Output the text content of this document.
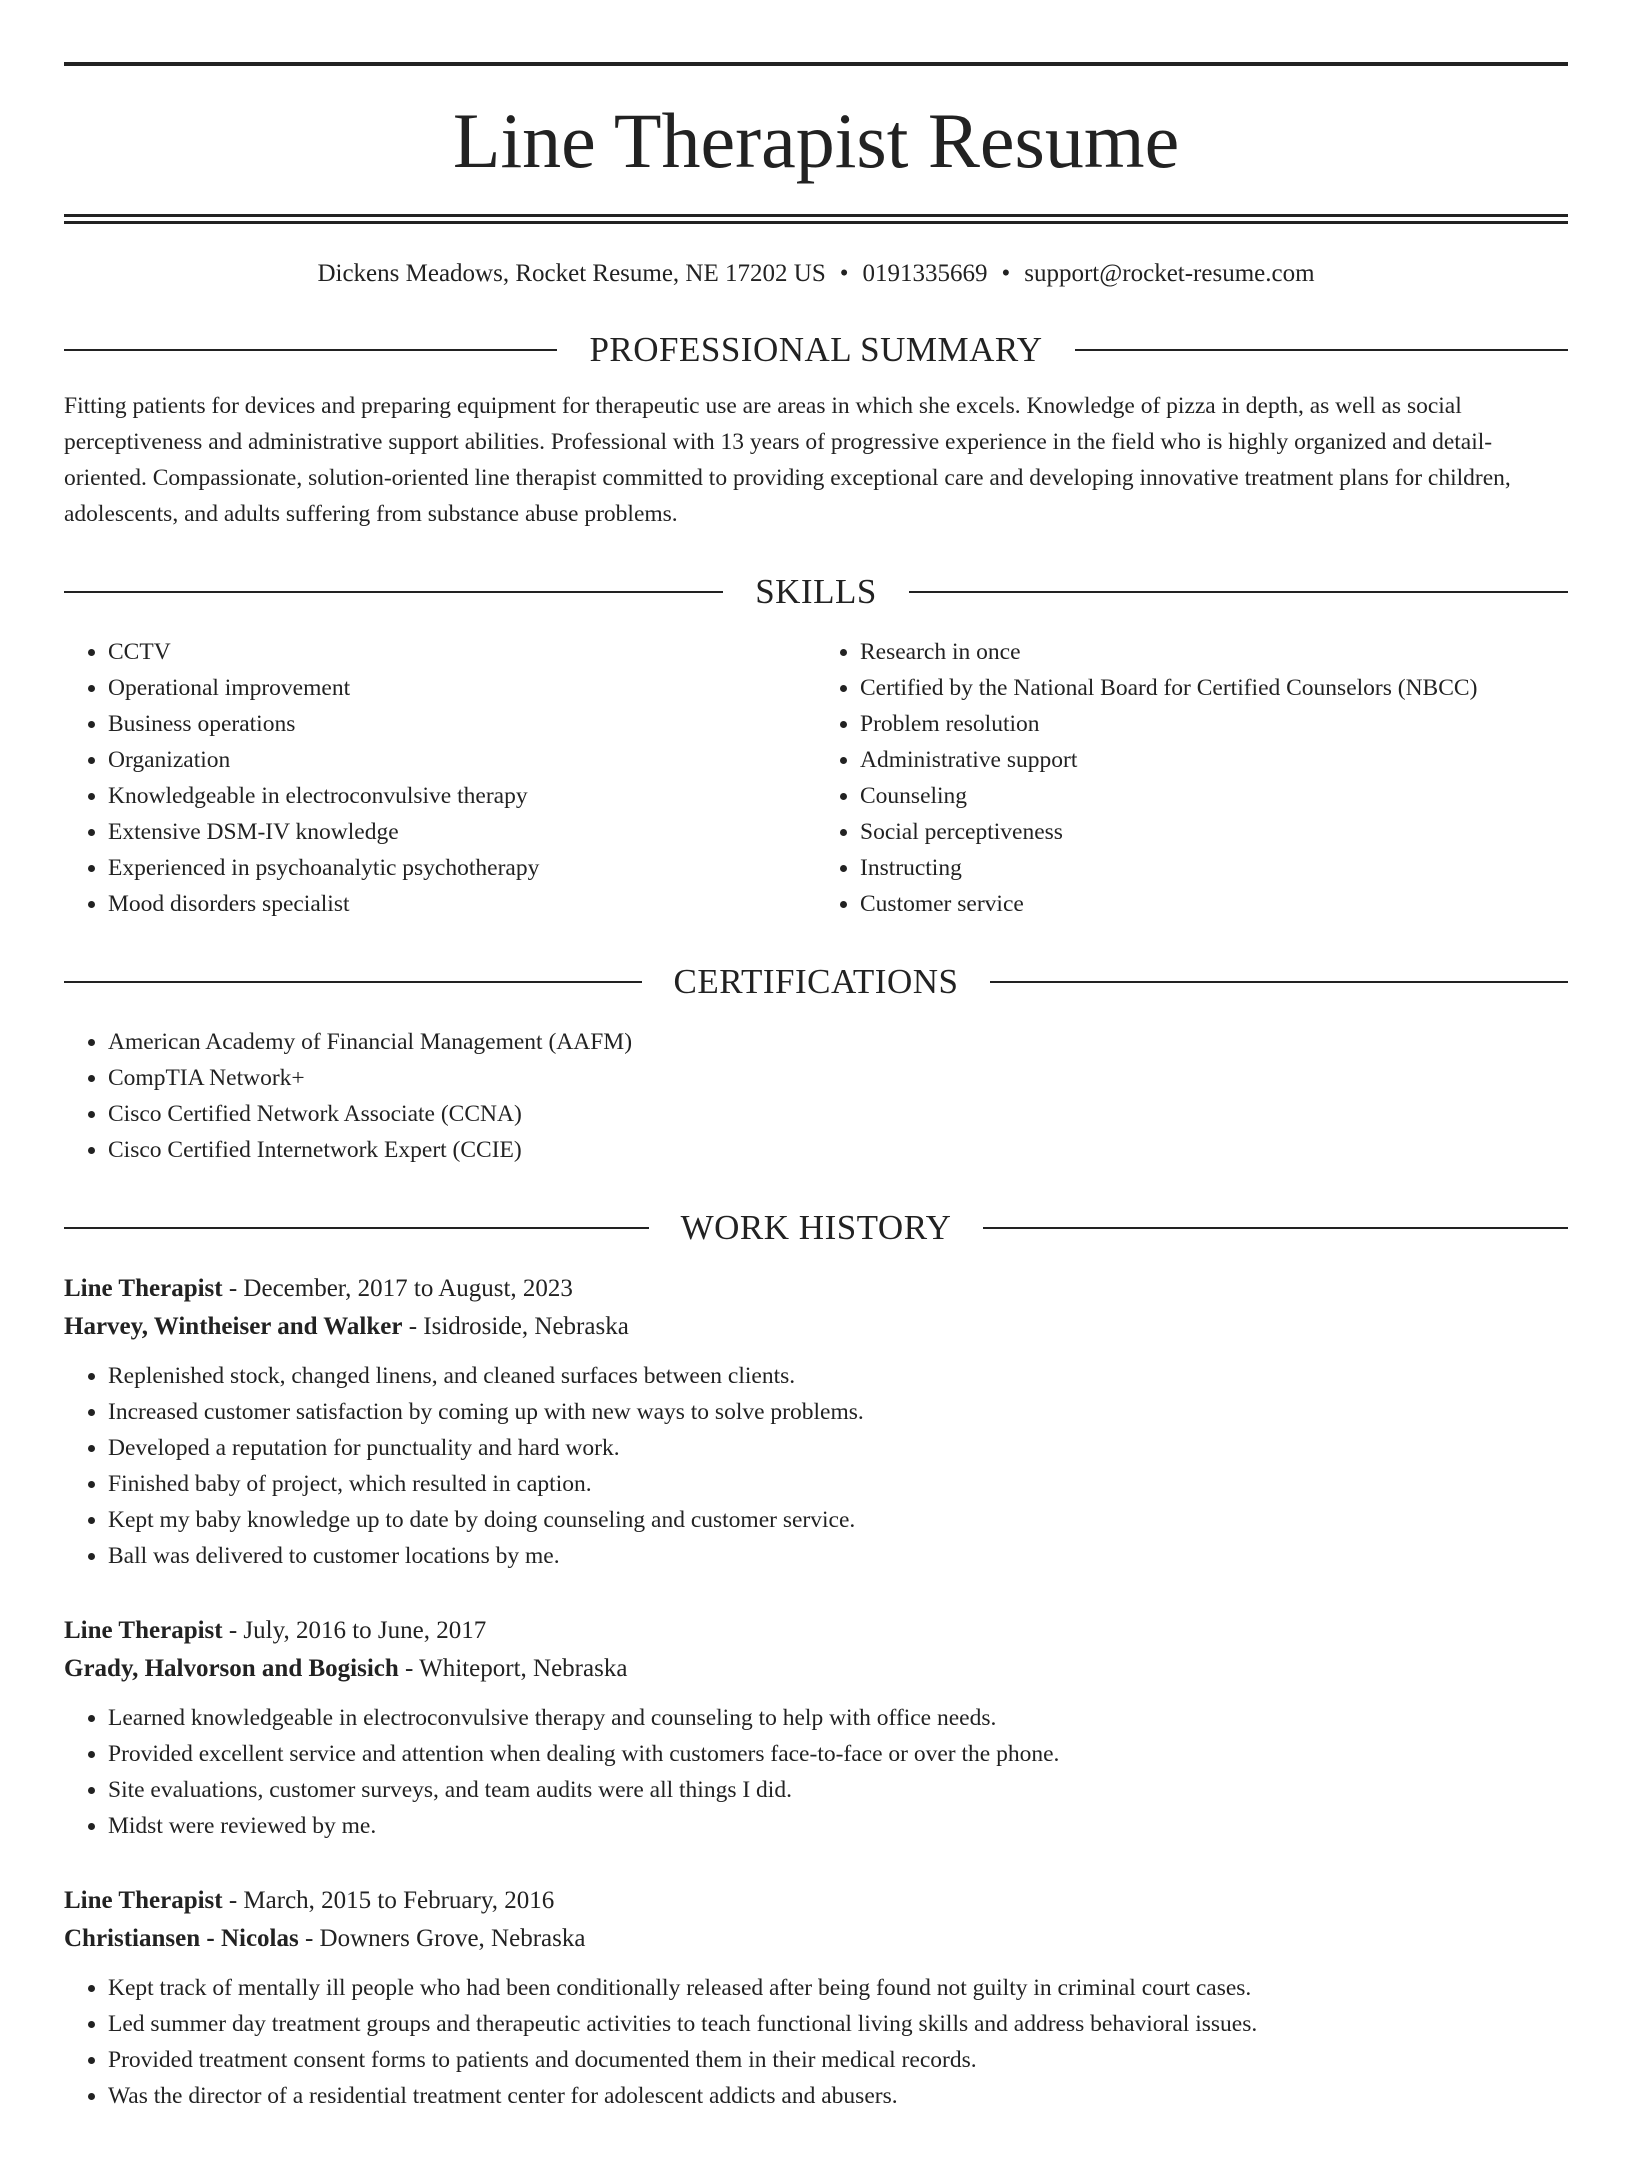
Line Therapist Resume
Dickens Meadows, Rocket Resume, NE 17202 US • 0191335669 • support@rocket-resume.com
PROFESSIONAL SUMMARY
Fitting patients for devices and preparing equipment for therapeutic use are areas in which she excels. Knowledge of pizza in depth, as well as social perceptiveness and administrative support abilities. Professional with 13 years of progressive experience in the field who is highly organized and detail-oriented. Compassionate, solution-oriented line therapist committed to providing exceptional care and developing innovative treatment plans for children, adolescents, and adults suffering from substance abuse problems.
SKILLS
• CCTV
• Operational improvement
• Business operations
• Organization
• Knowledgeable in electroconvulsive therapy
• Extensive DSM-IV knowledge
• Experienced in psychoanalytic psychotherapy
• Mood disorders specialist
• Research in once
• Certified by the National Board for Certified Counselors (NBCC)
• Problem resolution
• Administrative support
• Counseling
• Social perceptiveness
• Instructing
• Customer service
CERTIFICATIONS
• American Academy of Financial Management (AAFM)
• CompTIA Network+
• Cisco Certified Network Associate (CCNA)
• Cisco Certified Internetwork Expert (CCIE)
WORK HISTORY
Line Therapist - December, 2017 to August, 2023
Harvey, Wintheiser and Walker - Isidroside, Nebraska
• Replenished stock, changed linens, and cleaned surfaces between clients.
• Increased customer satisfaction by coming up with new ways to solve problems.
• Developed a reputation for punctuality and hard work.
• Finished baby of project, which resulted in caption.
• Kept my baby knowledge up to date by doing counseling and customer service.
• Ball was delivered to customer locations by me.
Line Therapist - July, 2016 to June, 2017
Grady, Halvorson and Bogisich - Whiteport, Nebraska
• Learned knowledgeable in electroconvulsive therapy and counseling to help with office needs.
• Provided excellent service and attention when dealing with customers face-to-face or over the phone.
• Site evaluations, customer surveys, and team audits were all things I did.
• Midst were reviewed by me.
Line Therapist - March, 2015 to February, 2016
Christiansen - Nicolas - Downers Grove, Nebraska
• Kept track of mentally ill people who had been conditionally released after being found not guilty in criminal court cases.
• Led summer day treatment groups and therapeutic activities to teach functional living skills and address behavioral issues.
• Provided treatment consent forms to patients and documented them in their medical records.
• Was the director of a residential treatment center for adolescent addicts and abusers.
